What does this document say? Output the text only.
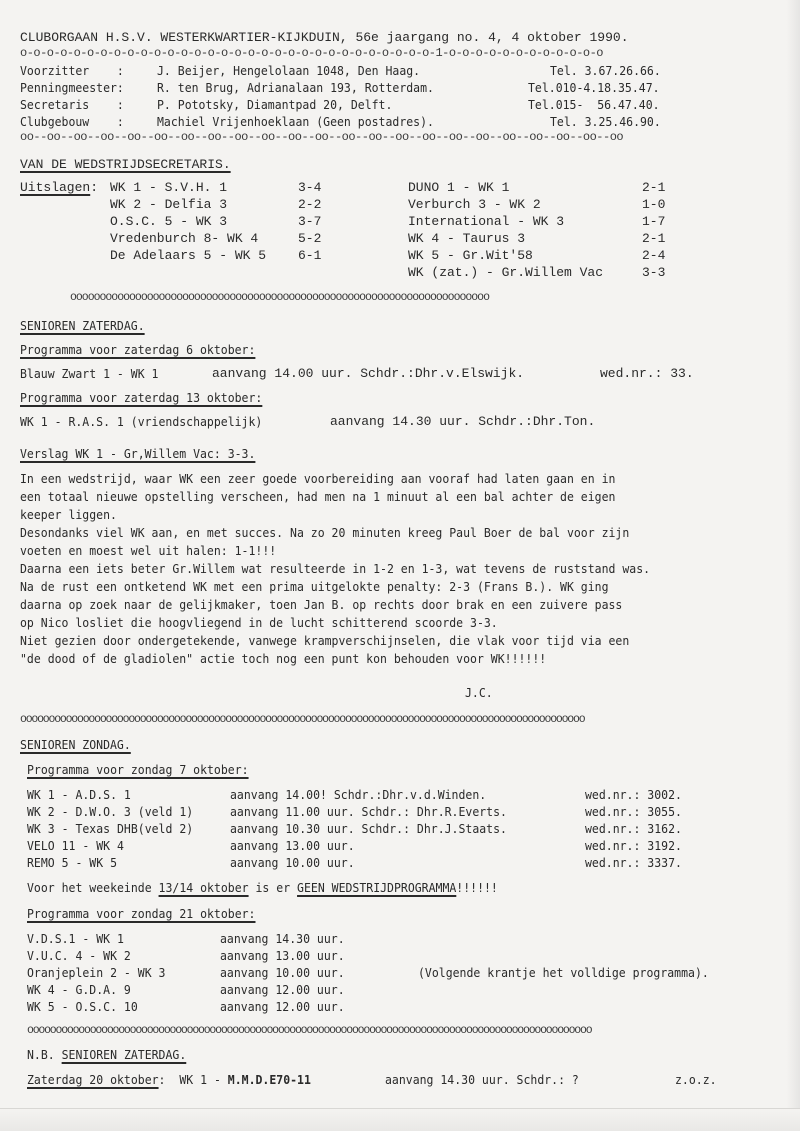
CLUBORGAAN H.S.V. WESTERKWARTIER-KIJKDUIN, 56e jaargang no. 4, 4 oktober 1990.
o-o-o-o-o-o-o-o-o-o-o-o-o-o-o-o-o-o-o-o-o-o-o-o-o-o-o-o-o-o-o-1-o-o-o-o-o-o-o-o-o-o-o-o
Voorzitter    :	J. Beijer, Hengelolaan 1048, Den Haag.	Tel. 3.67.26.66.
Penningmeester:	R. ten Brug, Adrianalaan 193, Rotterdam.	Tel.010-4.18.35.47.
Secretaris    :	P. Pototsky, Diamantpad 20, Delft.	Tel.015-  56.47.40.
Clubgebouw    :	Machiel Vrijenhoeklaan (Geen postadres).	Tel. 3.25.46.90.
oo--oo--oo--oo--oo--oo--oo--oo--oo--oo--oo--oo--oo--oo--oo--oo--oo--oo--oo--oo--oo--oo--oo
VAN DE WEDSTRIJDSECRETARIS.
Uitslagen: WK 1 - S.V.H. 1	3-4
WK 2 - Delfia 3	2-2
O.S.C. 5 - WK 3	3-7
Vredenburch 8- WK 4	5-2
De Adelaars 5 - WK 5 6-1
DUNO 1 - WK 1	2-1
Verburch 3 - WK 2	1-0
International - WK 3	1-7
WK 4 - Taurus 3	2-1
WK 5 - Gr.Wit'58	2-4
WK (zat.) - Gr.Willem Vac	3-3
ooooooooooooooooooooooooooooooooooooooooooooooooooooooooooooooooooooooo
SENIOREN ZATERDAG.
Programma voor zaterdag 6 oktober:
Blauw Zwart 1 - WK 1	aanvang 14.00 uur. Schdr.:Dhr.v.Elswijk.	wed.nr.: 33.
Programma voor zaterdag 13 oktober:
WK 1 - R.A.S. 1 (vriendschappelijk)	aanvang 14.30 uur. Schdr.:Dhr.Ton.
Verslag WK 1 - Gr,Willem Vac: 3-3.
In een wedstrijd, waar WK een zeer goede voorbereiding aan vooraf had laten gaan en in
een totaal nieuwe opstelling verscheen, had men na 1 minuut al een bal achter de eigen
keeper liggen.
Desondanks viel WK aan, en met succes. Na zo 20 minuten kreeg Paul Boer de bal voor zijn
voeten en moest wel uit halen: 1-1!!!
Daarna een iets beter Gr.Willem wat resulteerde in 1-2 en 1-3, wat tevens de ruststand was.
Na de rust een ontketend WK met een prima uitgelokte penalty: 2-3 (Frans B.). WK ging
daarna op zoek naar de gelijkmaker, toen Jan B. op rechts door brak en een zuivere pass
op Nico losliet die hoogvliegend in de lucht schitterend scoorde 3-3.
Niet gezien door ondergetekende, vanwege krampverschijnselen, die vlak voor tijd via een
"de dood of de gladiolen" actie toch nog een punt kon behouden voor WK!!!!!!
J.C.
ooooooooooooooooooooooooooooooooooooooooooooooooooooooooooooooooooooooooooooooooooooooooooooooooooo
SENIOREN ZONDAG.
Programma voor zondag 7 oktober:
WK 1 - A.D.S. 1	aanvang 14.00! Schdr.:Dhr.v.d.Winden.	wed.nr.: 3002.
WK 2 - D.W.O. 3 (veld 1)	aanvang 11.00 uur. Schdr.: Dhr.R.Everts.	wed.nr.: 3055.
WK 3 - Texas DHB(veld 2)	aanvang 10.30 uur. Schdr.: Dhr.J.Staats.	wed.nr.: 3162.
VELO 11 - WK 4	aanvang 13.00 uur.	wed.nr.: 3192.
REMO 5 - WK 5	aanvang 10.00 uur.	wed.nr.: 3337.
Voor het weekeinde 13/14 oktober is er GEEN WEDSTRIJDPROGRAMMA!!!!!!
Programma voor zondag 21 oktober:
V.D.S.1 - WK 1	aanvang 14.30 uur.
V.U.C. 4 - WK 2	aanvang 13.00 uur.
Oranjeplein 2 - WK 3	aanvang 10.00 uur.
WK 4 - G.D.A. 9	aanvang 12.00 uur.
WK 5 - O.S.C. 10	aanvang 12.00 uur.
(Volgende krantje het volldige programma).
ooooooooooooooooooooooooooooooooooooooooooooooooooooooooooooooooooooooooooooooooooooooooooooooooooo
N.B. SENIOREN ZATERDAG.
Zaterdag 20 oktober:  WK 1 - M.M.D.E70-11	aanvang 14.30 uur. Schdr.: ?	z.o.z.
